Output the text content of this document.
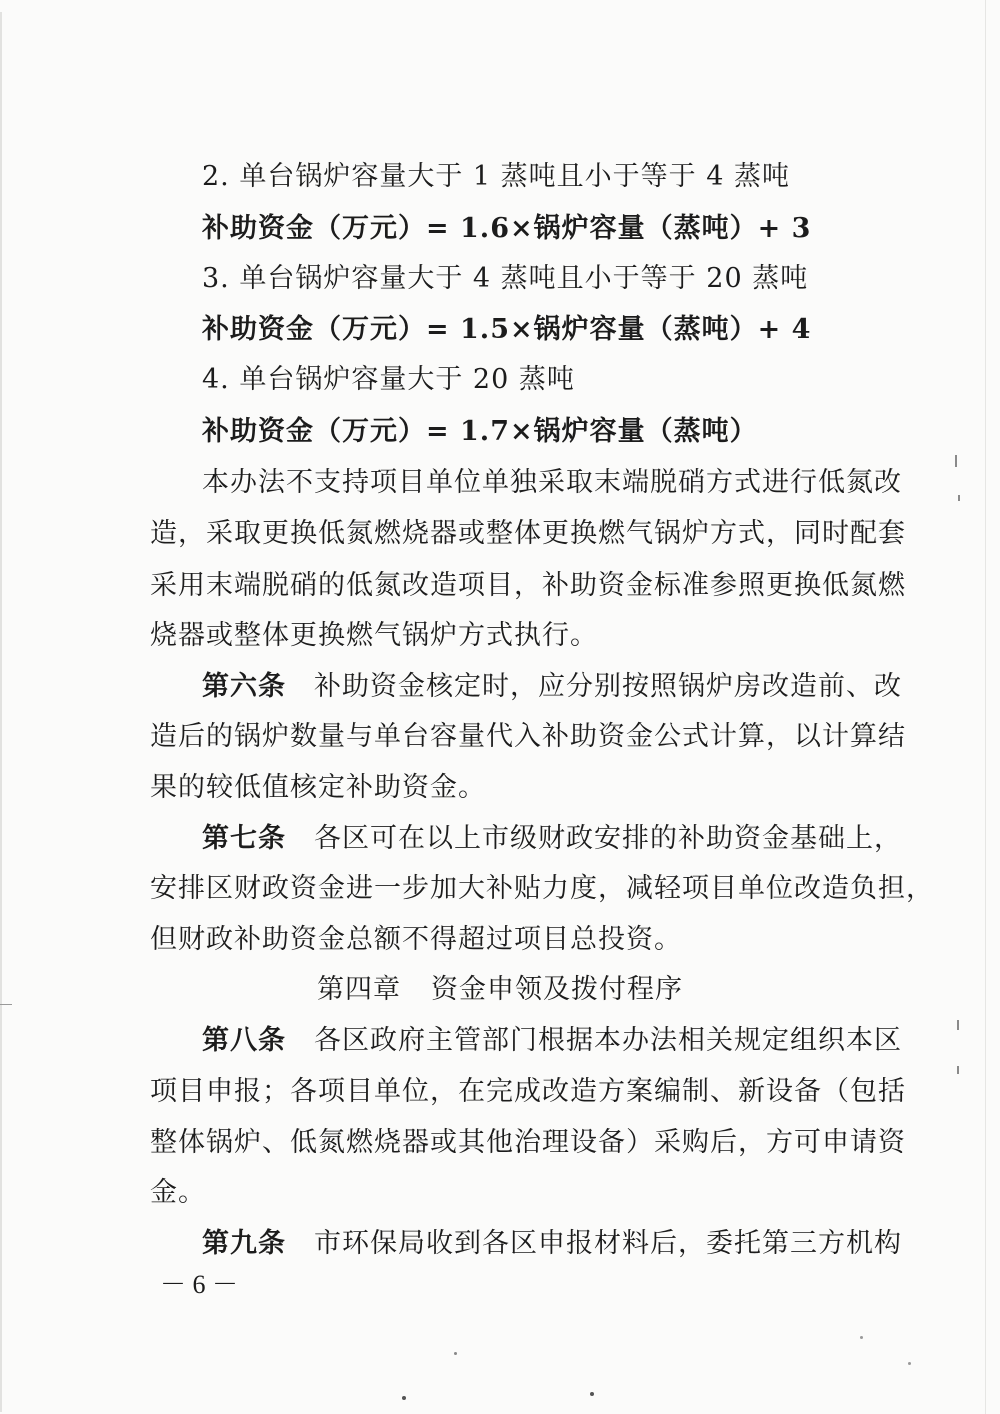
2. 单台锅炉容量大于 1 蒸吨且小于等于 4 蒸吨
补助资金（万元）= 1.6×锅炉容量（蒸吨）+ 3
3. 单台锅炉容量大于 4 蒸吨且小于等于 20 蒸吨
补助资金（万元）= 1.5×锅炉容量（蒸吨）+ 4
4. 单台锅炉容量大于 20 蒸吨
补助资金（万元）= 1.7×锅炉容量（蒸吨）
本办法不支持项目单位单独采取末端脱硝方式进行低氮改
造，采取更换低氮燃烧器或整体更换燃气锅炉方式，同时配套
采用末端脱硝的低氮改造项目，补助资金标准参照更换低氮燃
烧器或整体更换燃气锅炉方式执行。
第六条 补助资金核定时，应分别按照锅炉房改造前、改
造后的锅炉数量与单台容量代入补助资金公式计算，以计算结
果的较低值核定补助资金。
第七条 各区可在以上市级财政安排的补助资金基础上，
安排区财政资金进一步加大补贴力度，减轻项目单位改造负担，
但财政补助资金总额不得超过项目总投资。
第四章 资金申领及拨付程序
第八条 各区政府主管部门根据本办法相关规定组织本区
项目申报；各项目单位，在完成改造方案编制、新设备（包括
整体锅炉、低氮燃烧器或其他治理设备）采购后，方可申请资
金。
第九条 市环保局收到各区申报材料后，委托第三方机构
－ 6 －
